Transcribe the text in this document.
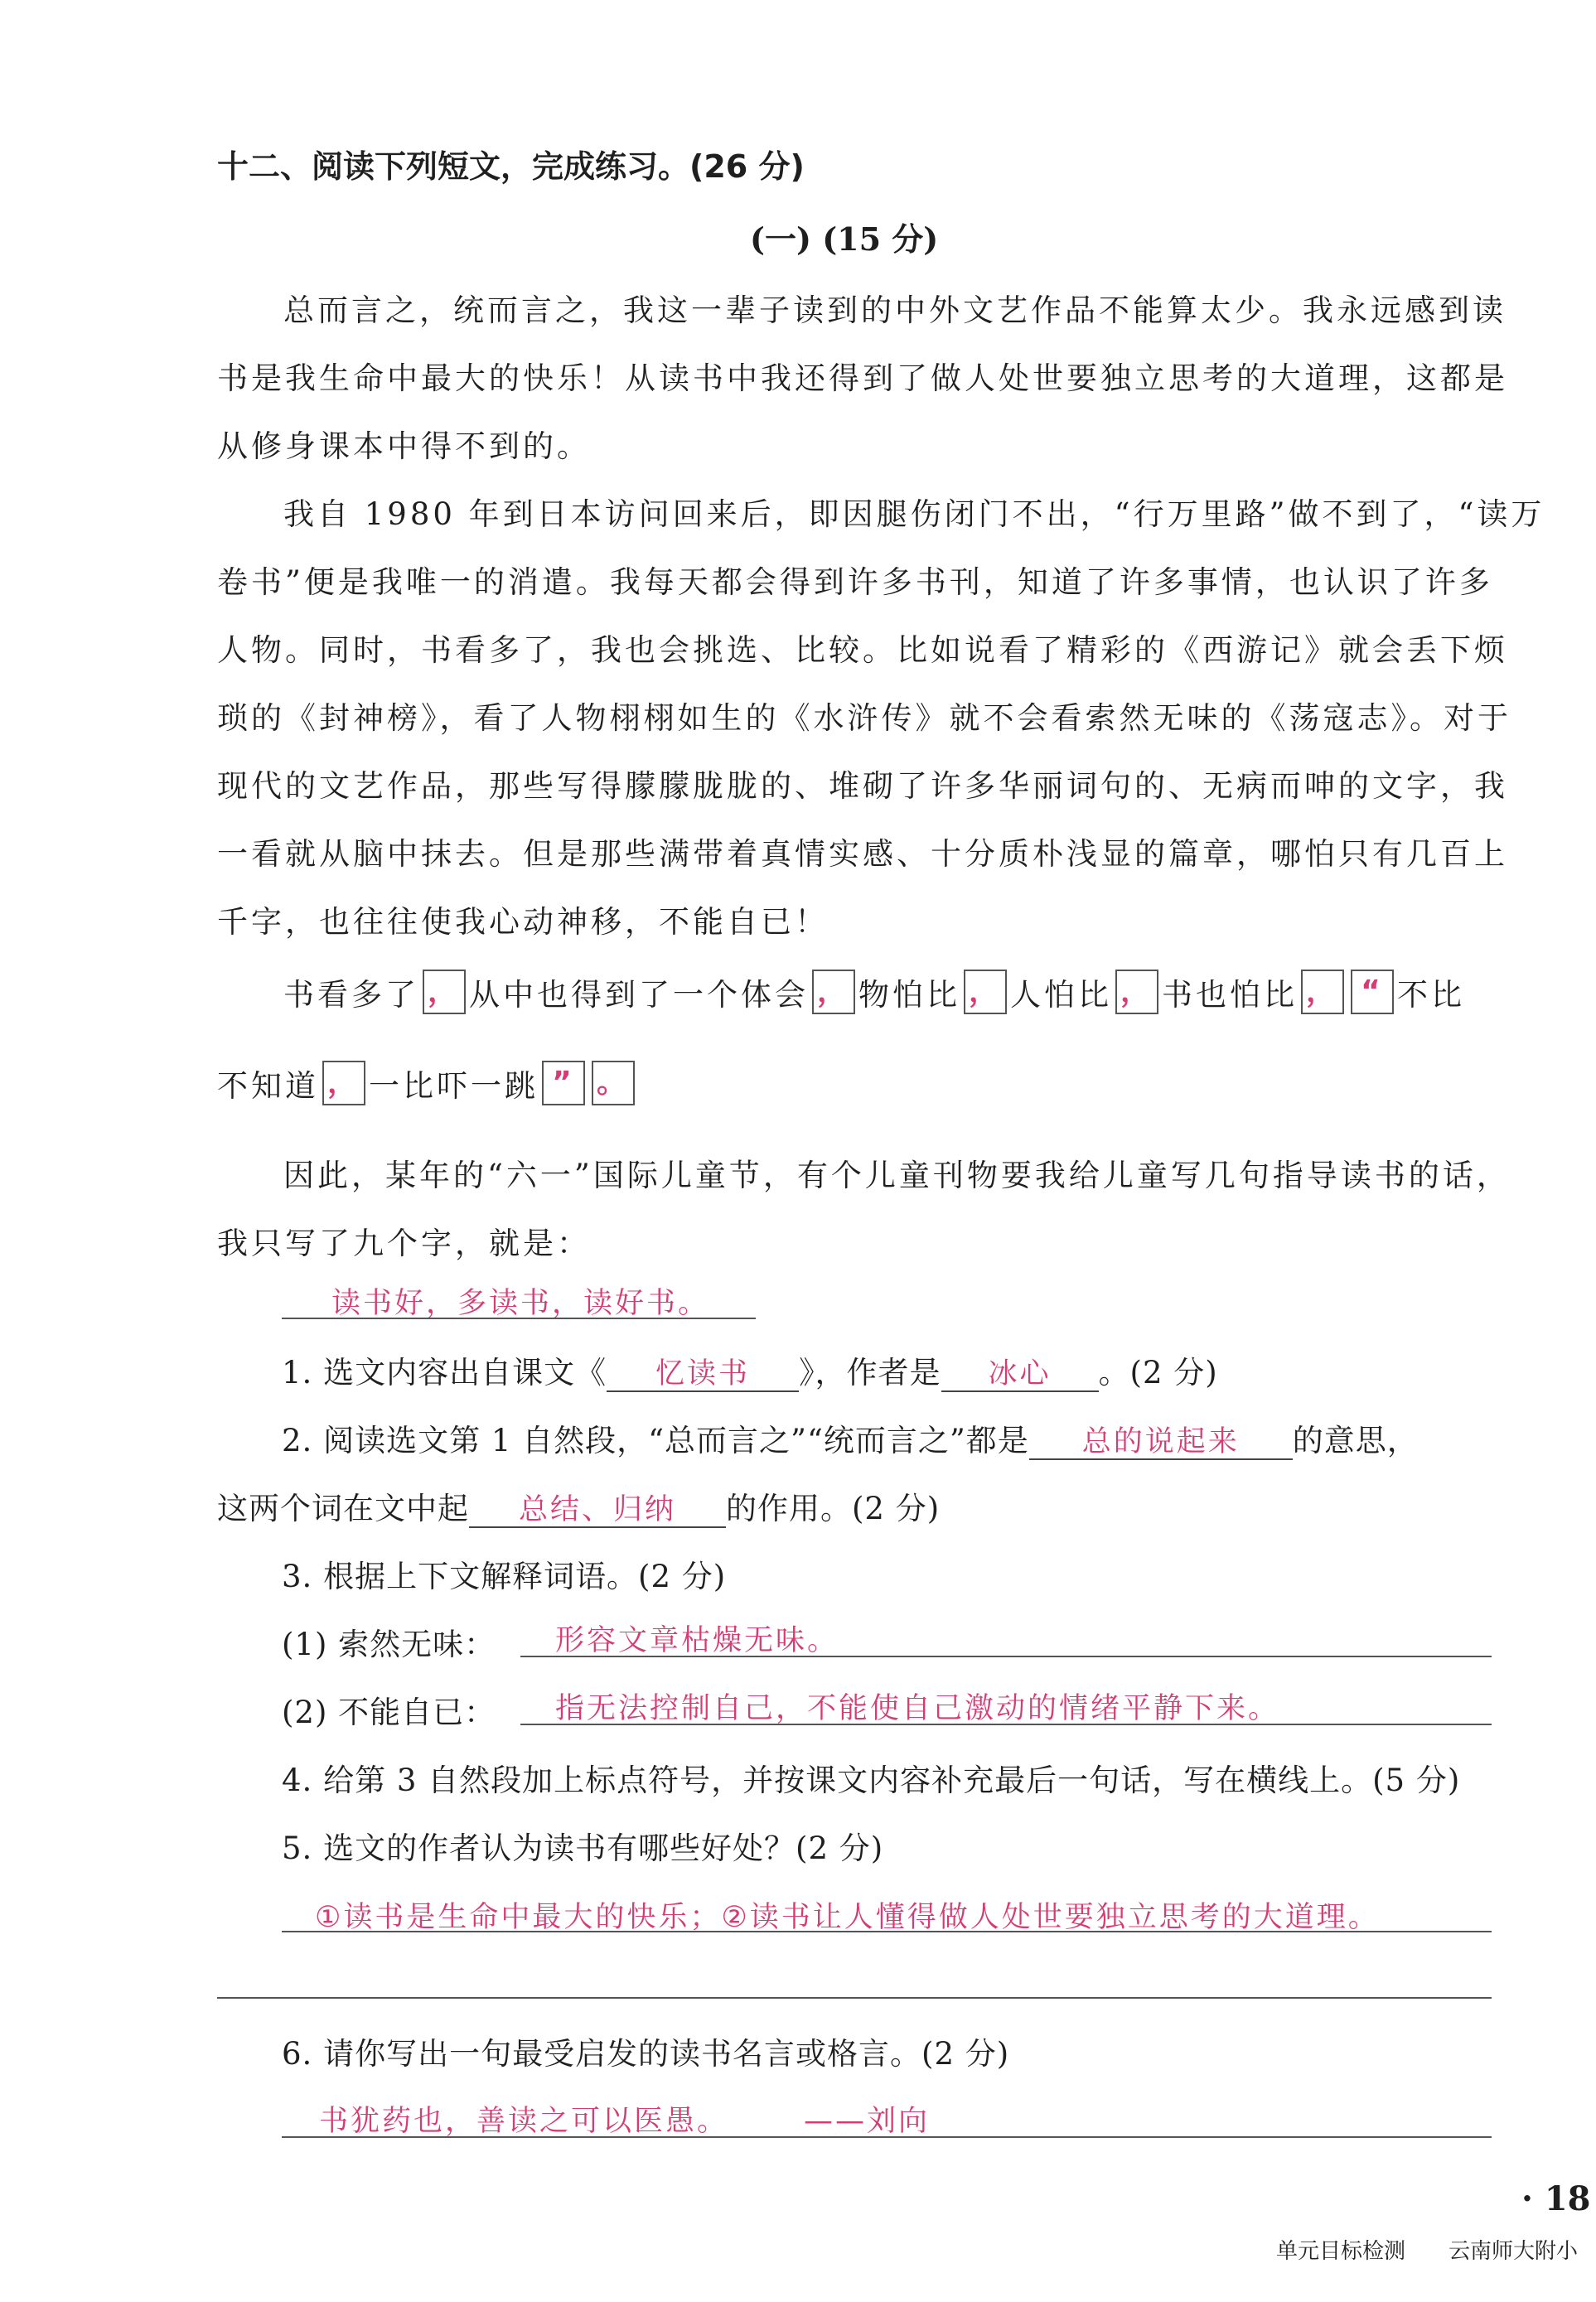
十二、阅读下列短文，完成练习。(26 分)
(一) (15 分)
总而言之，统而言之，我这一辈子读到的中外文艺作品不能算太少。我永远感到读
书是我生命中最大的快乐！从读书中我还得到了做人处世要独立思考的大道理，这都是
从修身课本中得不到的。
我自 1980 年到日本访问回来后，即因腿伤闭门不出，“行万里路”做不到了，“读万
卷书”便是我唯一的消遣。我每天都会得到许多书刊，知道了许多事情，也认识了许多
人物。同时，书看多了，我也会挑选、比较。比如说看了精彩的《西游记》就会丢下烦
琐的《封神榜》，看了人物栩栩如生的《水浒传》就不会看索然无味的《荡寇志》。对于
现代的文艺作品，那些写得朦朦胧胧的、堆砌了许多华丽词句的、无病而呻的文字，我
一看就从脑中抹去。但是那些满带着真情实感、十分质朴浅显的篇章，哪怕只有几百上
千字，也往往使我心动神移，不能自已！
书看多了 ， 从中也得到了一个体会 ， 物怕比 ， 人怕比 ， 书也怕比 ， “ 不比
不知道 ， 一比吓一跳 ” 。
因此，某年的“六一”国际儿童节，有个儿童刊物要我给儿童写几句指导读书的话，
我只写了九个字，就是：
读书好，多读书，读好书。
1. 选文内容出自课文《 忆读书 》，作者是 冰心 。(2 分)
2. 阅读选文第 1 自然段，“总而言之”“统而言之”都是 总的说起来 的意思，
这两个词在文中起 总结、归纳 的作用。(2 分)
3. 根据上下文解释词语。(2 分)
(1) 索然无味： 形容文章枯燥无味。
(2) 不能自已： 指无法控制自己，不能使自己激动的情绪平静下来。
4. 给第 3 自然段加上标点符号，并按课文内容补充最后一句话，写在横线上。(5 分)
5. 选文的作者认为读书有哪些好处？(2 分)
①读书是生命中最大的快乐；②读书让人懂得做人处世要独立思考的大道理。
6. 请你写出一句最受启发的读书名言或格言。(2 分)
书犹药也，善读之可以医愚。	——刘向
· 18
单元目标检测 云南师大附小
